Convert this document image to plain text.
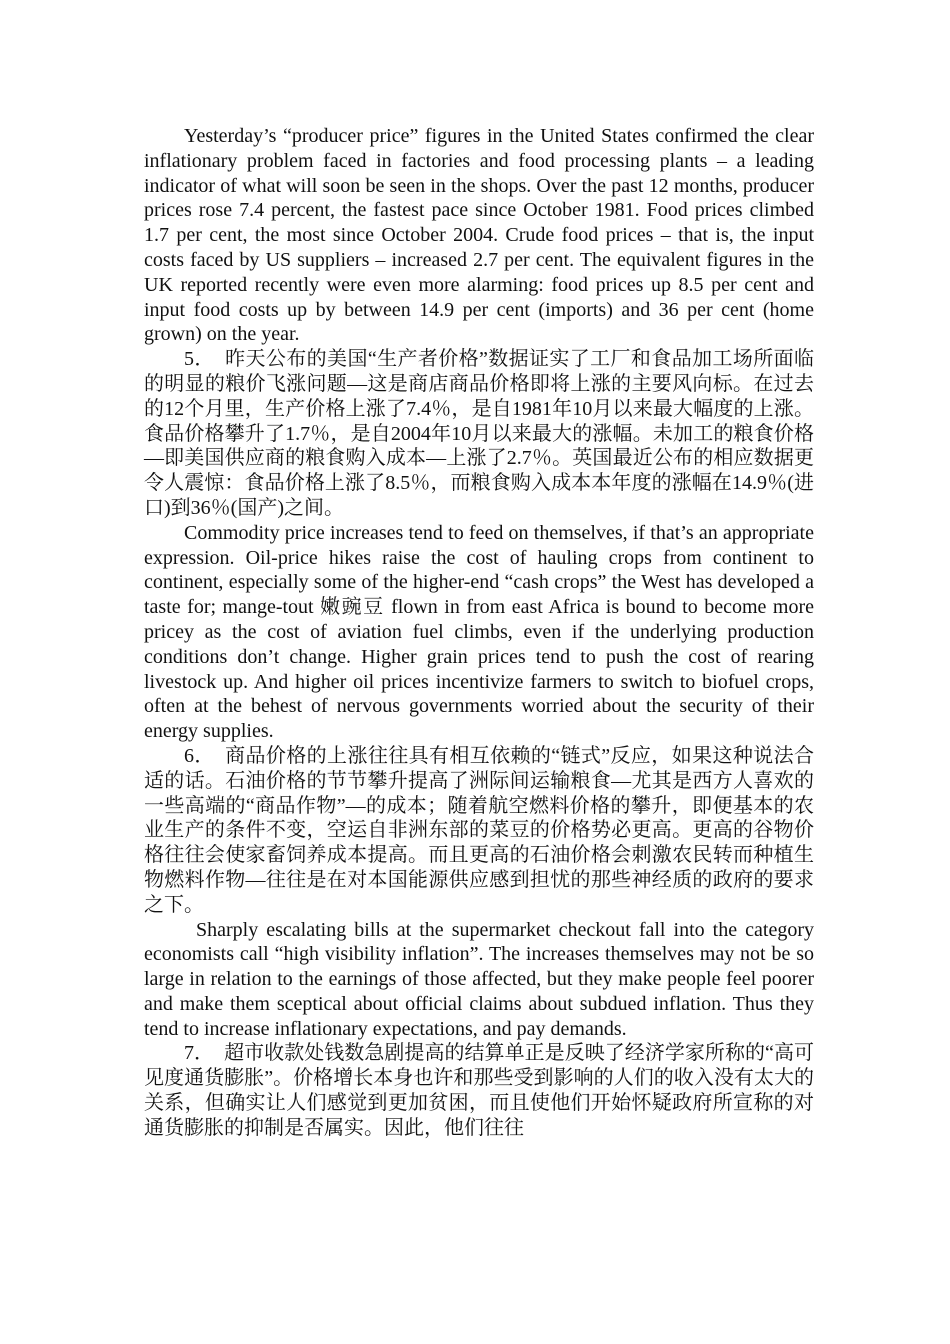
Yesterday’s “producer price” figures in the United States confirmed the clear inflationary problem faced in factories and food processing plants – a leading indicator of what will soon be seen in the shops. Over the past 12 months, producer prices rose 7.4 percent, the fastest pace since October 1981. Food prices climbed 1.7 per cent, the most since October 2004. Crude food prices – that is, the input costs faced by US suppliers – increased 2.7 per cent. The equivalent figures in the UK reported recently were even more alarming: food prices up 8.5 per cent and input food costs up by between 14.9 per cent (imports) and 36 per cent (home grown) on the year.

5．　昨天公布的美国“生产者价格”数据证实了工厂和食品加工场所面临的明显的粮价飞涨问题—这是商店商品价格即将上涨的主要风向标。在过去的12个月里，生产价格上涨了7.4％，是自1981年10月以来最大幅度的上涨。食品价格攀升了1.7％，是自2004年10月以来最大的涨幅。未加工的粮食价格—即美国供应商的粮食购入成本—上涨了2.7％。英国最近公布的相应数据更令人震惊：食品价格上涨了8.5％，而粮食购入成本本年度的涨幅在14.9％(进口)到36％(国产)之间。

Commodity price increases tend to feed on themselves, if that’s an appropriate expression. Oil-price hikes raise the cost of hauling crops from continent to continent, especially some of the higher-end “cash crops” the West has developed a taste for; mange-tout 嫩豌豆 flown in from east Africa is bound to become more pricey as the cost of aviation fuel climbs, even if the underlying production conditions don’t change. Higher grain prices tend to push the cost of rearing livestock up. And higher oil prices incentivize farmers to switch to biofuel crops, often at the behest of nervous governments worried about the security of their energy supplies.

6．　商品价格的上涨往往具有相互依赖的“链式”反应，如果这种说法合适的话。石油价格的节节攀升提高了洲际间运输粮食—尤其是西方人喜欢的一些高端的“商品作物”—的成本；随着航空燃料价格的攀升，即便基本的农业生产的条件不变，空运自非洲东部的菜豆的价格势必更高。更高的谷物价格往往会使家畜饲养成本提高。而且更高的石油价格会刺激农民转而种植生物燃料作物—往往是在对本国能源供应感到担忧的那些神经质的政府的要求之下。

Sharply escalating bills at the supermarket checkout fall into the category economists call “high visibility inflation”. The increases themselves may not be so large in relation to the earnings of those affected, but they make people feel poorer and make them sceptical about official claims about subdued inflation. Thus they tend to increase inflationary expectations, and pay demands.

7．　超市收款处钱数急剧提高的结算单正是反映了经济学家所称的“高可见度通货膨胀”。价格增长本身也许和那些受到影响的人们的收入没有太大的关系，但确实让人们感觉到更加贫困，而且使他们开始怀疑政府所宣称的对通货膨胀的抑制是否属实。因此，他们往往
